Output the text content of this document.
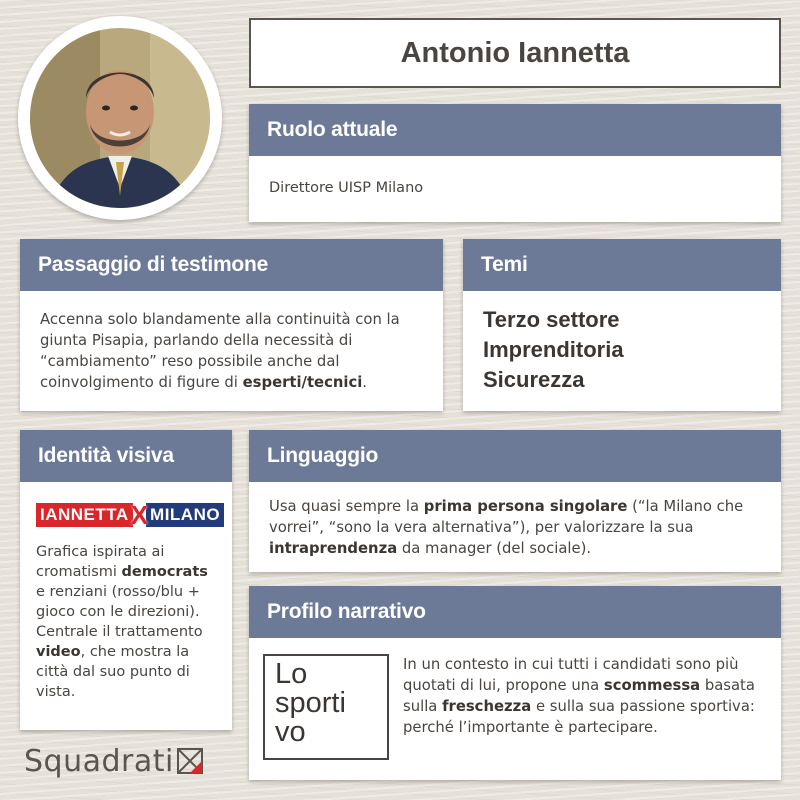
Antonio Iannetta
Ruolo attuale
Direttore UISP Milano
Passaggio di testimone
Accenna solo blandamente alla continuità con la giunta Pisapia, parlando della necessità di “cambiamento” reso possibile anche dal coinvolgimento di figure di esperti/tecnici.
Temi
Terzo settore
Imprenditoria
Sicurezza
Identità visiva
IANNETTA X MILANO
Grafica ispirata ai cromatismi democrats e renziani (rosso/blu + gioco con le direzioni). Centrale il trattamento video, che mostra la città dal suo punto di vista.
Linguaggio
Usa quasi sempre la prima persona singolare (“la Milano che vorrei”, “sono la vera alternativa”), per valorizzare la sua intraprendenza da manager (del sociale).
Profilo narrativo
Lo
sporti
vo
In un contesto in cui tutti i candidati sono più quotati di lui, propone una scommessa basata sulla freschezza e sulla sua passione sportiva: perché l’importante è partecipare.
Squadrati
